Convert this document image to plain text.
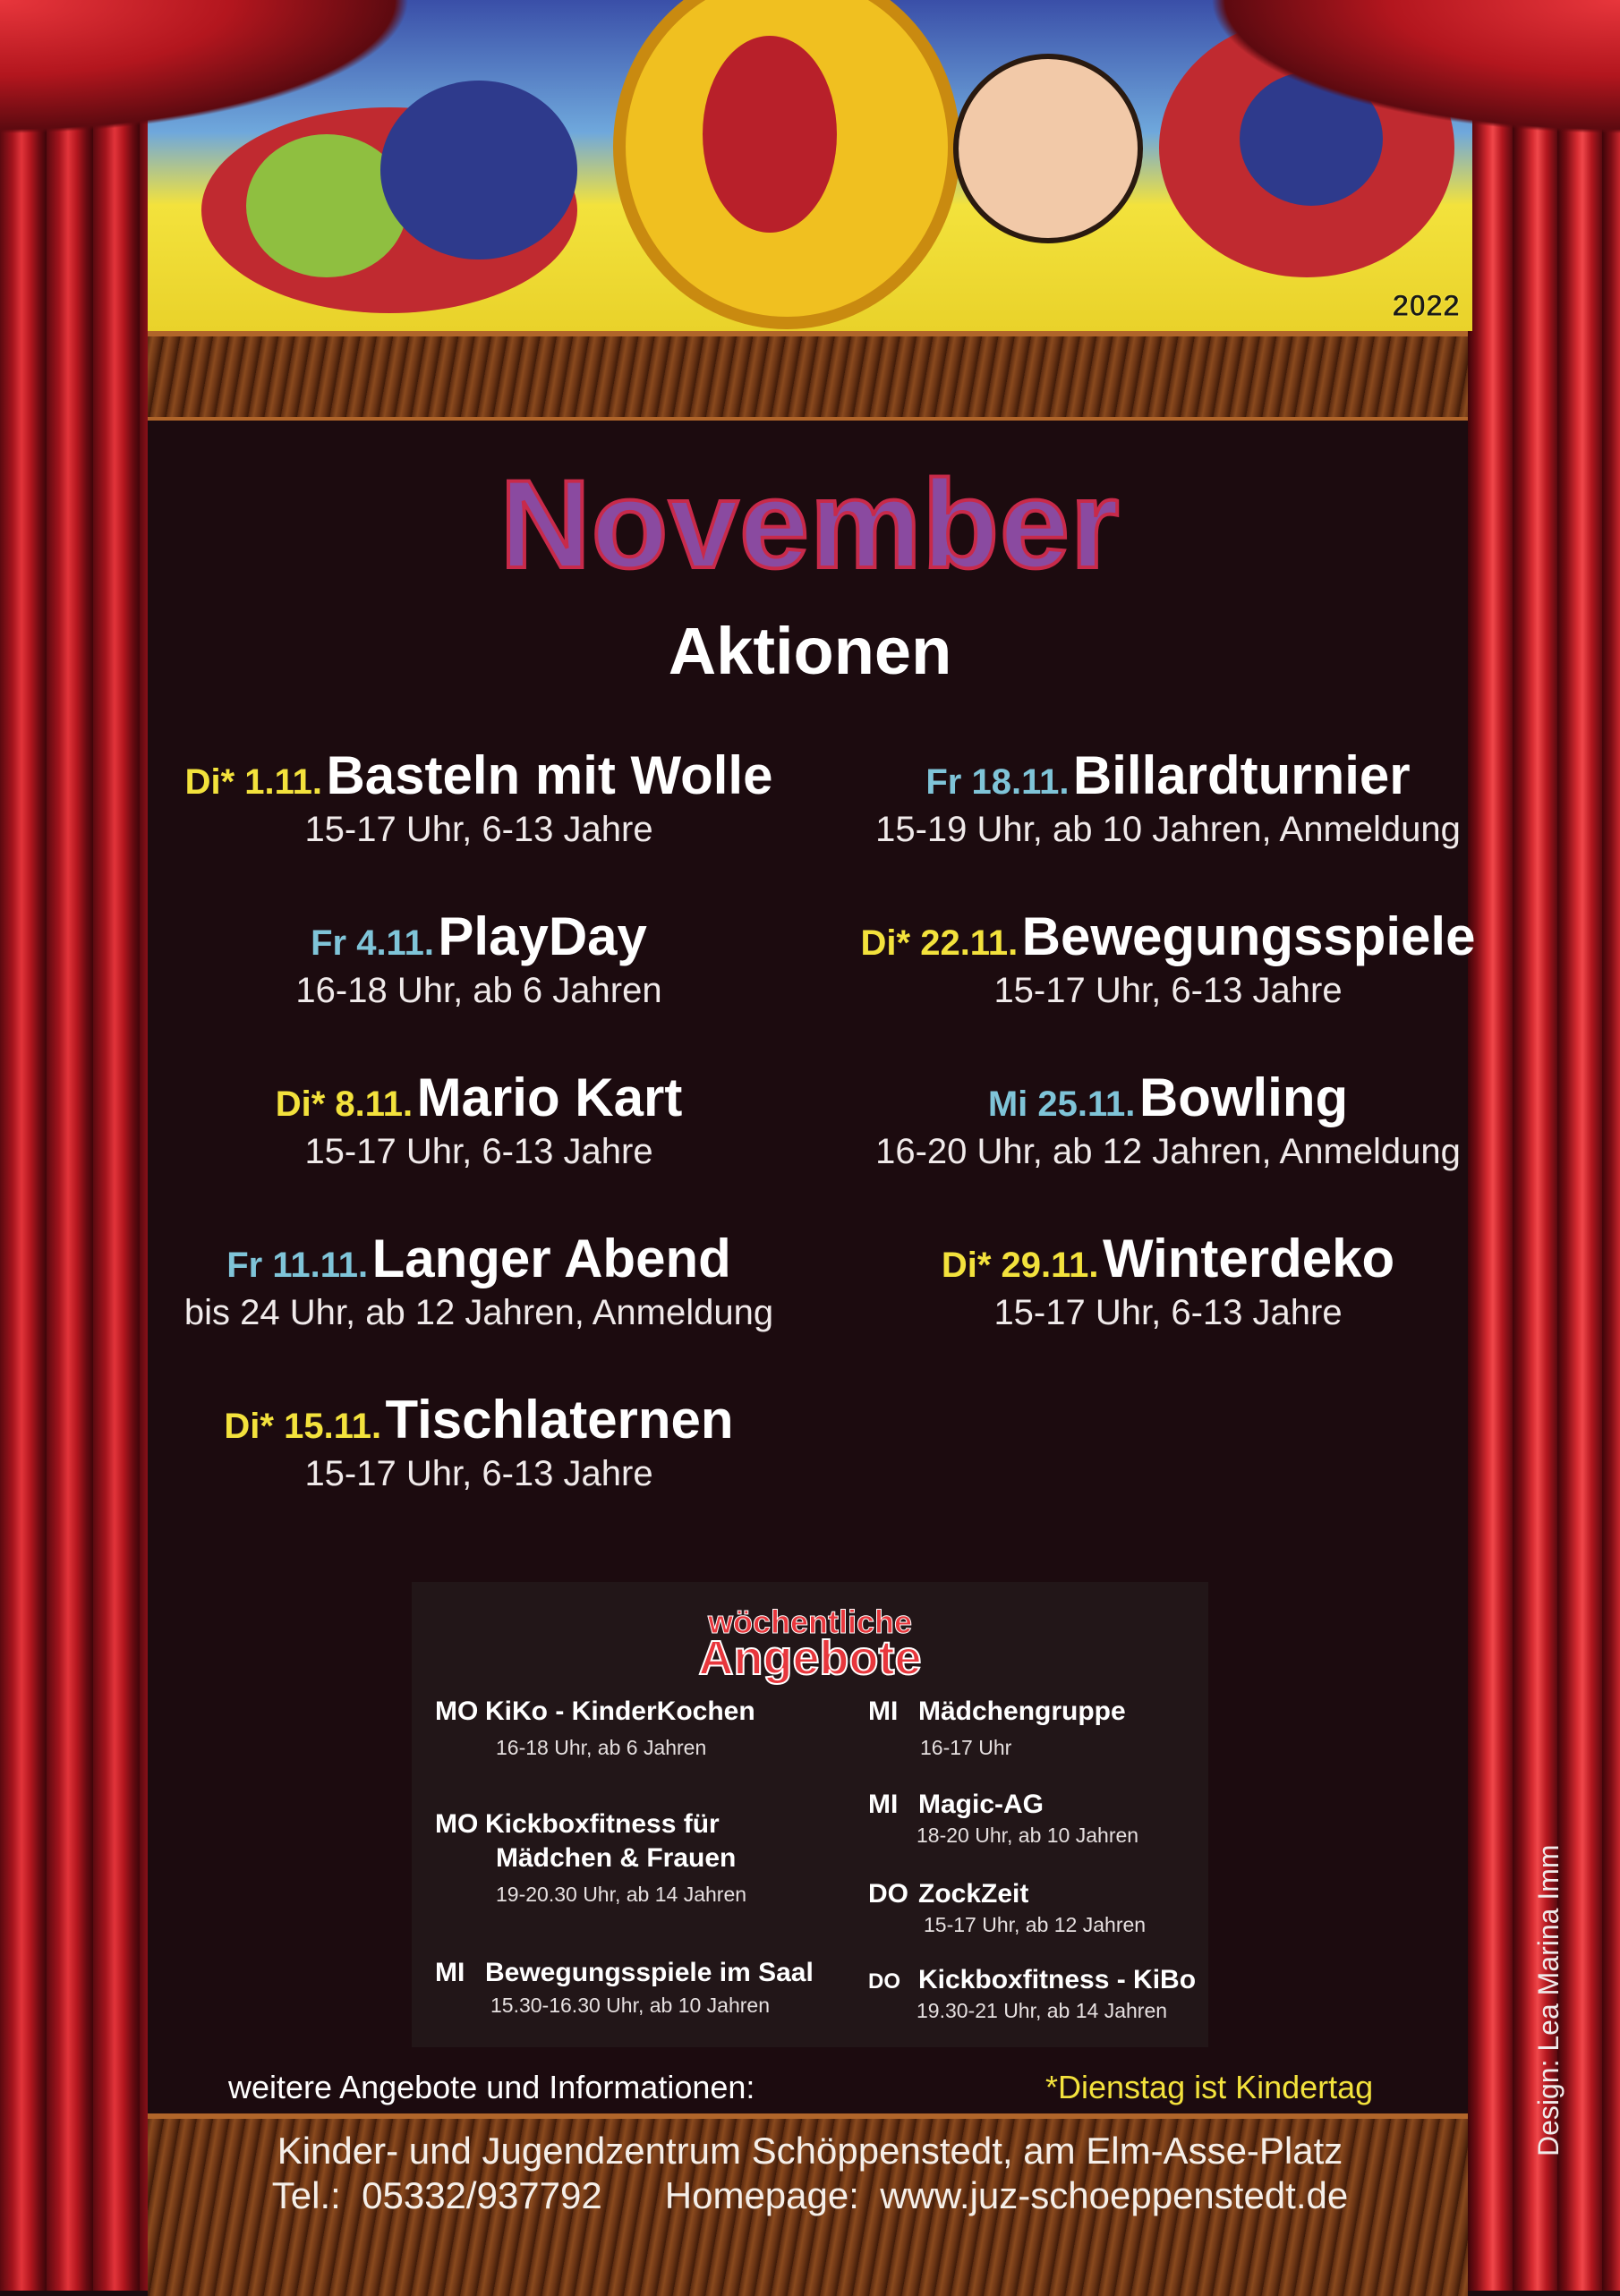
2022
November
Aktionen
Di* 1.11. Basteln mit Wolle
15-17 Uhr, 6-13 Jahre
Fr 4.11. PlayDay
16-18 Uhr, ab 6 Jahren
Di* 8.11. Mario Kart
15-17 Uhr, 6-13 Jahre
Fr 11.11. Langer Abend
bis 24 Uhr, ab 12 Jahren, Anmeldung
Di* 15.11. Tischlaternen
15-17 Uhr, 6-13 Jahre
Fr 18.11. Billardturnier
15-19 Uhr, ab 10 Jahren, Anmeldung
Di* 22.11. Bewegungsspiele
15-17 Uhr, 6-13 Jahre
Mi 25.11. Bowling
16-20 Uhr, ab 12 Jahren, Anmeldung
Di* 29.11. Winterdeko
15-17 Uhr, 6-13 Jahre
wöchentliche
Angebote
MO KiKo - KinderKochen
16-18 Uhr, ab 6 Jahren
MO Kickboxfitness für
Mädchen & Frauen
19-20.30 Uhr, ab 14 Jahren
MI Bewegungsspiele im Saal
15.30-16.30 Uhr, ab 10 Jahren
MI Mädchengruppe
16-17 Uhr
MI Magic-AG
18-20 Uhr, ab 10 Jahren
DO ZockZeit
15-17 Uhr, ab 12 Jahren
DO Kickboxfitness - KiBo
19.30-21 Uhr, ab 14 Jahren
weitere Angebote und Informationen:	*Dienstag ist Kindertag
Kinder- und Jugendzentrum Schöppenstedt, am Elm-Asse-Platz
Tel.: 05332/937792 Homepage: www.juz-schoeppenstedt.de
Design: Lea Marina Imm
